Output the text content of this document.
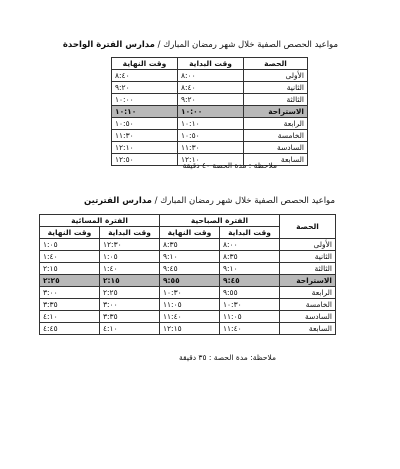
مواعيد الحصص الصفية خلال شهر رمضان المبارك / مدارس الفترة الواحدة
الحصة	وقت البداية	وقت النهاية
الأولى	٨:٠٠	٨:٤٠
الثانية	٨:٤٠	٩:٢٠
الثالثة	٩:٢٠	١٠:٠٠
الاستراحة	١٠:٠٠	١٠:١٠
الرابعة	١٠:١٠	١٠:٥٠
الخامسة	١٠:٥٠	١١:٣٠
السادسة	١١:٣٠	١٢:١٠
السابعة	١٢:١٠	١٢:٥٠
ملاحظة : مدة الحصة ٤٠ دقيقة
مواعيد الحصص الصفية خلال شهر رمضان المبارك / مدارس الفترتين
الحصة	الفترة الصباحية		الفترة المسائية	
	وقت البداية	وقت النهاية	وقت البداية	وقت النهاية
الأولى	٨:٠٠	٨:٣٥	١٢:٣٠	١:٠٥
الثانية	٨:٣٥	٩:١٠	١:٠٥	١:٤٠
الثالثة	٩:١٠	٩:٤٥	١:٤٠	٢:١٥
الاستراحة	٩:٤٥	٩:٥٥	٢:١٥	٢:٢٥
الرابعة	٩:٥٥	١٠:٣٠	٢:٢٥	٣:٠٠
الخامسة	١٠:٣٠	١١:٠٥	٣:٠٠	٣:٣٥
السادسة	١١:٠٥	١١:٤٠	٣:٣٥	٤:١٠
السابعة	١١:٤٠	١٢:١٥	٤:١٠	٤:٤٥
ملاحظة: مدة الحصة : ٣٥ دقيقة
